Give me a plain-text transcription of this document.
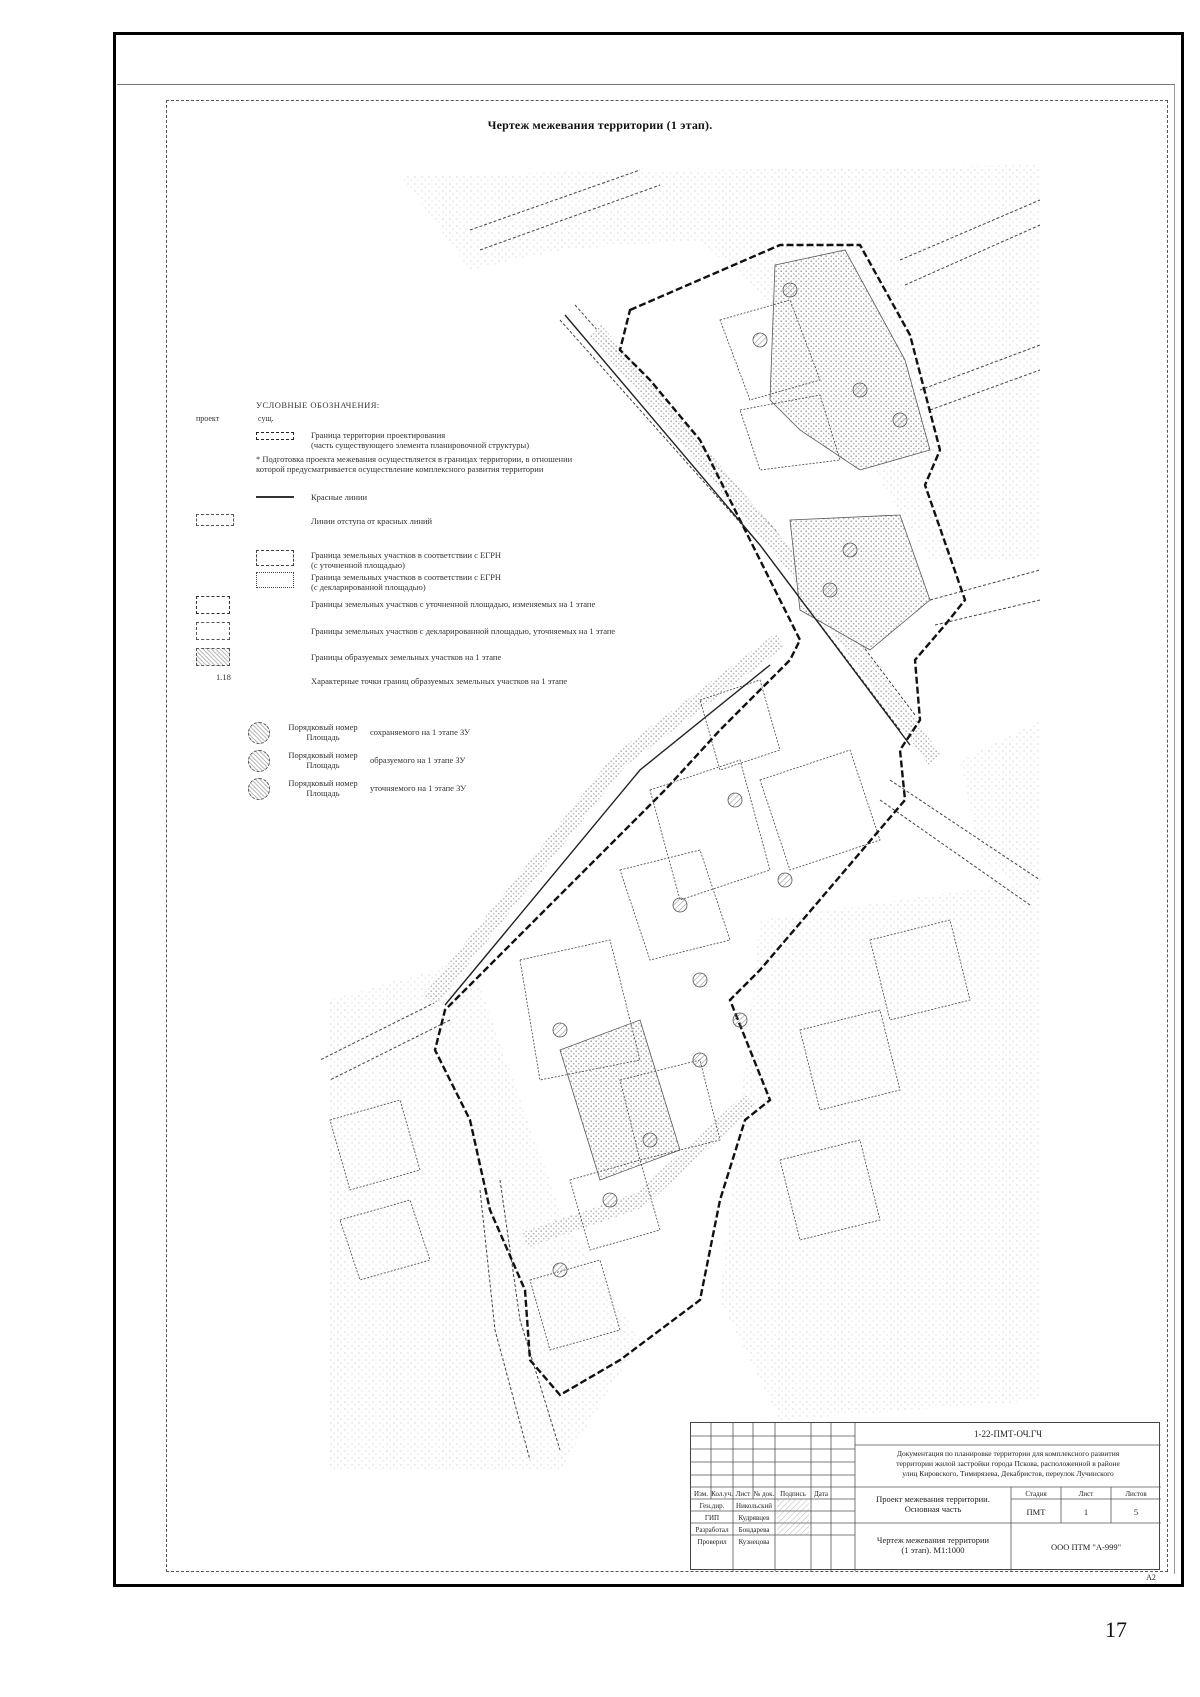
Чертеж межевания территории (1 этап).
УСЛОВНЫЕ ОБОЗНАЧЕНИЯ:
проект	сущ.
Граница территории проектирования
(часть существующего элемента планировочной структуры)
* Подготовка проекта межевания осуществляется в границах территории, в отношении
которой предусматривается осуществление комплексного развития территории
Красные линии
Линии отступа от красных линий
Граница земельных участков в соответствии с ЕГРН
(с уточненной площадью)
Граница земельных участков в соответствии с ЕГРН
(с декларированной площадью)
Границы земельных участков с уточненной площадью, изменяемых на 1 этапе
Границы земельных участков с декларированной площадью, уточняемых на 1 этапе
Границы образуемых земельных участков на 1 этапе
1.18	Характерные точки границ образуемых земельных участков на 1 этапе
Порядковый номер
Площадь	сохраняемого на 1 этапе ЗУ
Порядковый номер
Площадь	образуемого на 1 этапе ЗУ
Порядковый номер
Площадь	уточняемого на 1 этапе ЗУ
Изм. Кол.уч. Лист № док. Подпись	Дата
Ген.дир.	Никольский
ГИП	Кудрявцев
Разработал	Бондарева
Проверил	Кузнецова
1-22-ПМТ-ОЧ.ГЧ
Документация по планировке территории для комплексного развития
территории жилой застройки города Пскова, расположенной в районе
улиц Кировского, Тимирязева, Декабристов, переулок Лучинского
Проект межевания территории.
Основная часть
Стадия	Лист	Листов
ПМТ	1	5
Чертеж межевания территории
(1 этап). М1:1000	ООО ПТМ "А-999"
А2
17
